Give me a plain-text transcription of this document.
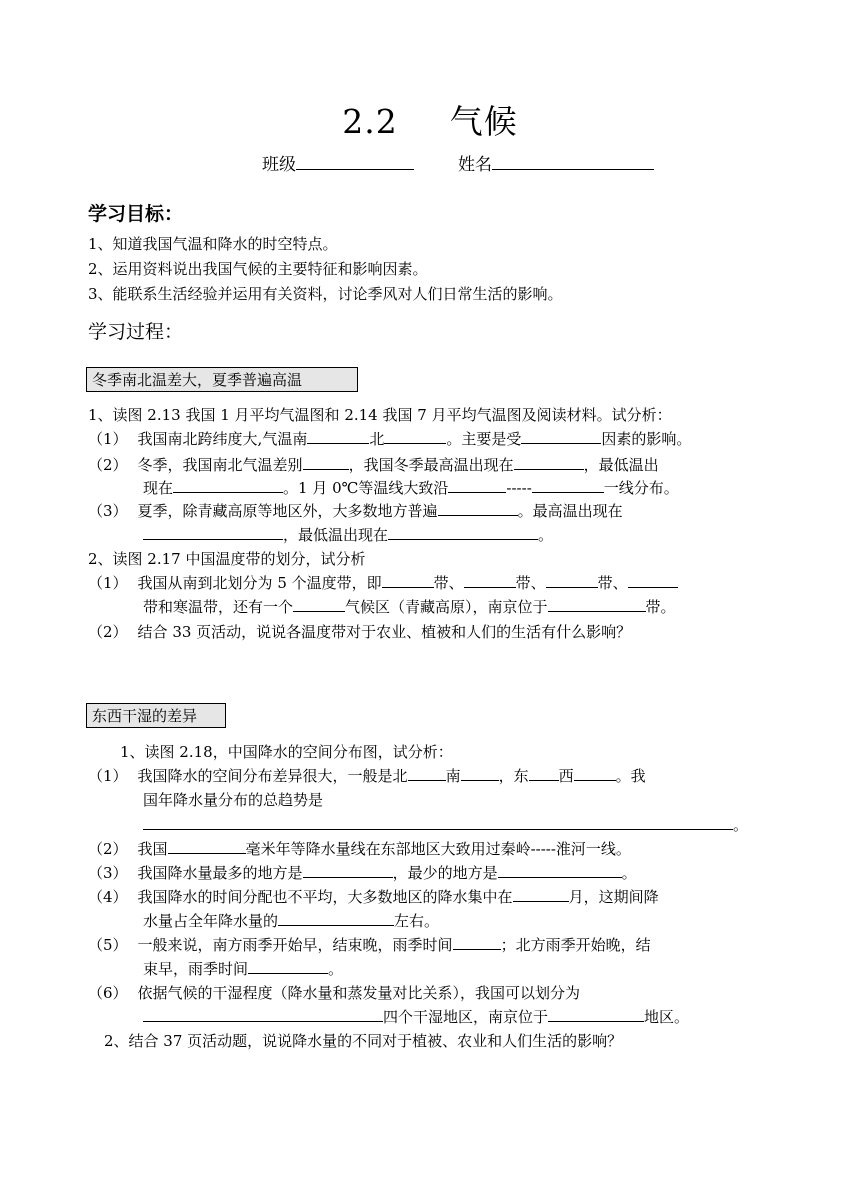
2.2 气候
班级	姓名
学习目标：
1、知道我国气温和降水的时空特点。
2、运用资料说出我国气候的主要特征和影响因素。
3、能联系生活经验并运用有关资料，讨论季风对人们日常生活的影响。
学习过程：
冬季南北温差大，夏季普遍高温
1、读图 2.13 我国 1 月平均气温图和 2.14 我国 7 月平均气温图及阅读材料。试分析：
（1） 我国南北跨纬度大,气温南	北	。主要是受	因素的影响。
（2） 冬季，我国南北气温差别	，我国冬季最高温出现在	，最低温出
现在	。1 月 0℃等温线大致沿	-----	一线分布。
（3） 夏季，除青藏高原等地区外，大多数地方普遍	。最高温出现在
，最低温出现在	。
2、读图 2.17 中国温度带的划分，试分析
（1） 我国从南到北划分为 5 个温度带，即	带、	带、	带、
带和寒温带，还有一个	气候区（青藏高原），南京位于	带。
（2） 结合 33 页活动，说说各温度带对于农业、植被和人们的生活有什么影响？
东西干湿的差异
1、读图 2.18，中国降水的空间分布图，试分析：
（1） 我国降水的空间分布差异很大，一般是北	南	，东 西	。我
国年降水量分布的总趋势是
。
（2） 我国	毫米年等降水量线在东部地区大致用过秦岭-----淮河一线。
（3） 我国降水量最多的地方是	，最少的地方是	。
（4） 我国降水的时间分配也不平均，大多数地区的降水集中在	月，这期间降
水量占全年降水量的	左右。
（5） 一般来说，南方雨季开始早，结束晚，雨季时间	；北方雨季开始晚，结
束早，雨季时间	。
（6） 依据气候的干湿程度（降水量和蒸发量对比关系），我国可以划分为
四个干湿地区，南京位于	地区。
2、结合 37 页活动题，说说降水量的不同对于植被、农业和人们生活的影响？
